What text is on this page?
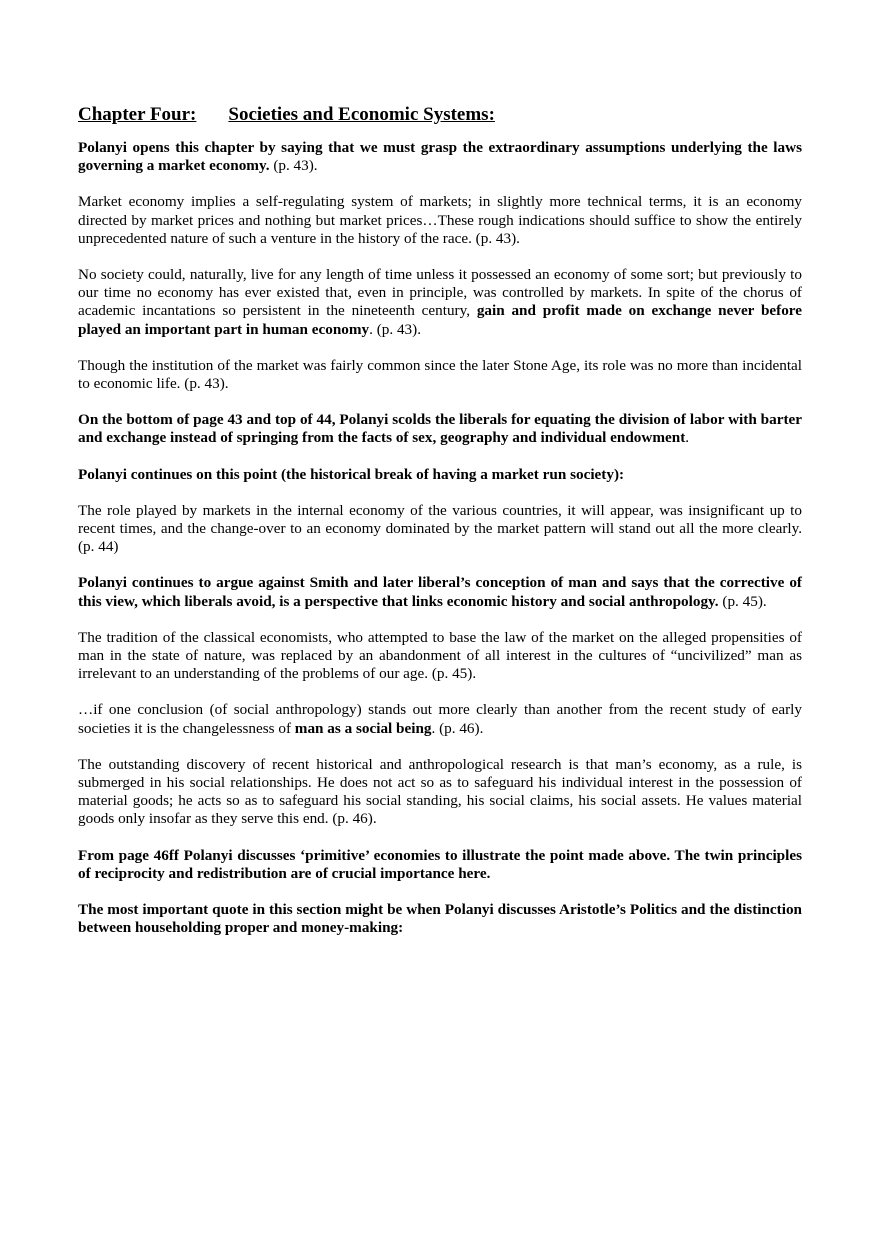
Chapter Four: Societies and Economic Systems:

Polanyi opens this chapter by saying that we must grasp the extraordinary assumptions underlying the laws governing a market economy. (p. 43).

Market economy implies a self-regulating system of markets; in slightly more technical terms, it is an economy directed by market prices and nothing but market prices…These rough indications should suffice to show the entirely unprecedented nature of such a venture in the history of the race. (p. 43).

No society could, naturally, live for any length of time unless it possessed an economy of some sort; but previously to our time no economy has ever existed that, even in principle, was controlled by markets. In spite of the chorus of academic incantations so persistent in the nineteenth century, gain and profit made on exchange never before played an important part in human economy. (p. 43).

Though the institution of the market was fairly common since the later Stone Age, its role was no more than incidental to economic life. (p. 43).

On the bottom of page 43 and top of 44, Polanyi scolds the liberals for equating the division of labor with barter and exchange instead of springing from the facts of sex, geography and individual endowment.

Polanyi continues on this point (the historical break of having a market run society):

The role played by markets in the internal economy of the various countries, it will appear, was insignificant up to recent times, and the change-over to an economy dominated by the market pattern will stand out all the more clearly. (p. 44)

Polanyi continues to argue against Smith and later liberal’s conception of man and says that the corrective of this view, which liberals avoid, is a perspective that links economic history and social anthropology. (p. 45).

The tradition of the classical economists, who attempted to base the law of the market on the alleged propensities of man in the state of nature, was replaced by an abandonment of all interest in the cultures of “uncivilized” man as irrelevant to an understanding of the problems of our age. (p. 45).

…if one conclusion (of social anthropology) stands out more clearly than another from the recent study of early societies it is the changelessness of man as a social being. (p. 46).

The outstanding discovery of recent historical and anthropological research is that man’s economy, as a rule, is submerged in his social relationships. He does not act so as to safeguard his individual interest in the possession of material goods; he acts so as to safeguard his social standing, his social claims, his social assets. He values material goods only insofar as they serve this end. (p. 46).

From page 46ff Polanyi discusses ‘primitive’ economies to illustrate the point made above. The twin principles of reciprocity and redistribution are of crucial importance here.

The most important quote in this section might be when Polanyi discusses Aristotle’s Politics and the distinction between householding proper and money-making:
